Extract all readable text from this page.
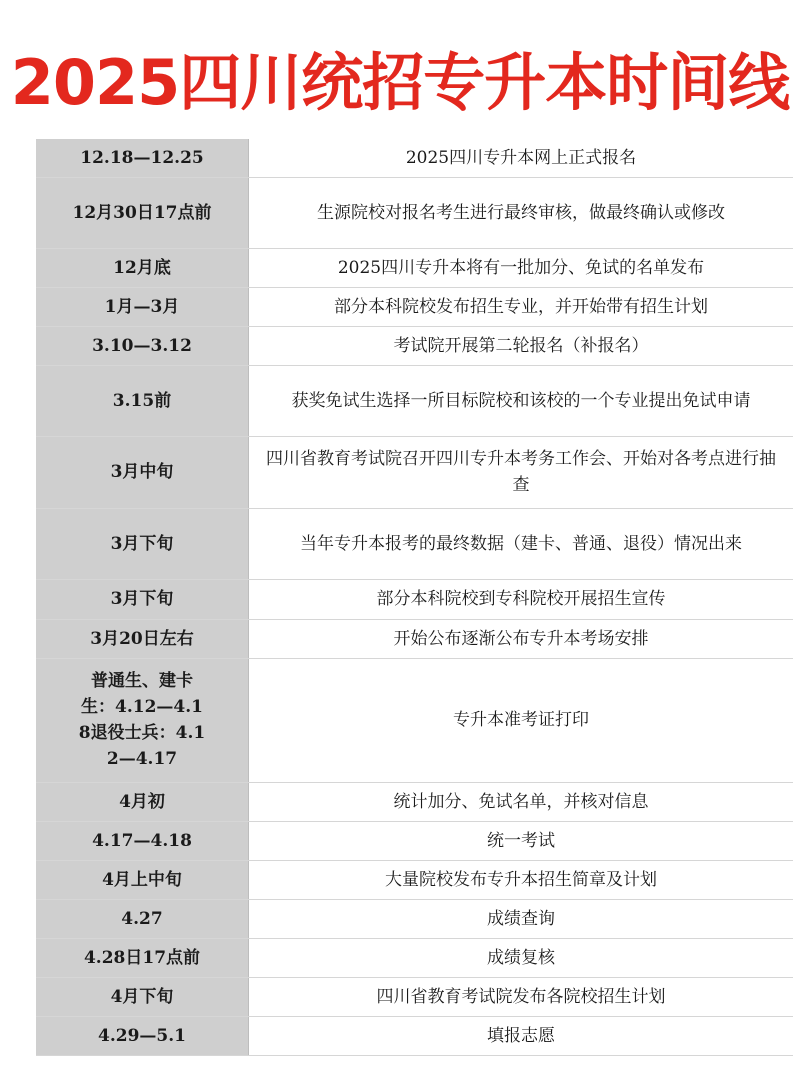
2025四川统招专升本时间线
12.18—12.25	2025四川专升本网上正式报名
12月30日17点前	生源院校对报名考生进行最终审核，做最终确认或修改
12月底	2025四川专升本将有一批加分、免试的名单发布
1月—3月	部分本科院校发布招生专业，并开始带有招生计划
3.10—3.12	考试院开展第二轮报名（补报名）
3.15前	获奖免试生选择一所目标院校和该校的一个专业提出免试申请
3月中旬	四川省教育考试院召开四川专升本考务工作会、开始对各考点进行抽查
3月下旬	当年专升本报考的最终数据（建卡、普通、退役）情况出来
3月下旬	部分本科院校到专科院校开展招生宣传
3月20日左右	开始公布逐渐公布专升本考场安排
普通生、建卡生：4.12—4.18退役士兵：4.12—4.17	专升本准考证打印
4月初	统计加分、免试名单，并核对信息
4.17—4.18	统一考试
4月上中旬	大量院校发布专升本招生简章及计划
4.27	成绩查询
4.28日17点前	成绩复核
4月下旬	四川省教育考试院发布各院校招生计划
4.29—5.1	填报志愿
